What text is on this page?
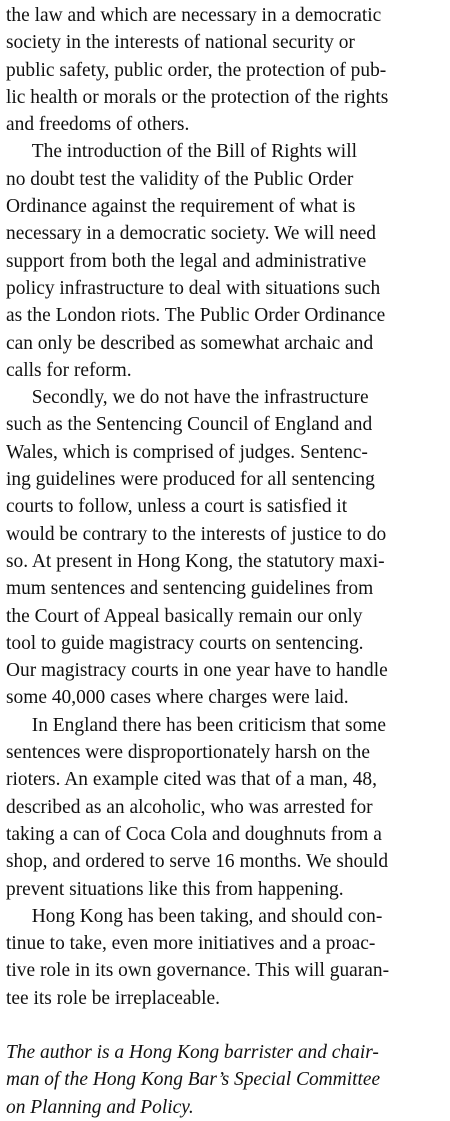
the law and which are necessary in a democratic
society in the interests of national security or
public safety, public order, the protection of pub-
lic health or morals or the protection of the rights
and freedoms of others.

The introduction of the Bill of Rights will
no doubt test the validity of the Public Order
Ordinance against the requirement of what is
necessary in a democratic society. We will need
support from both the legal and administrative
policy infrastructure to deal with situations such
as the London riots. The Public Order Ordinance
can only be described as somewhat archaic and
calls for reform.

Secondly, we do not have the infrastructure
such as the Sentencing Council of England and
Wales, which is comprised of judges. Sentenc-
ing guidelines were produced for all sentencing
courts to follow, unless a court is satisfied it
would be contrary to the interests of justice to do
so. At present in Hong Kong, the statutory maxi-
mum sentences and sentencing guidelines from
the Court of Appeal basically remain our only
tool to guide magistracy courts on sentencing.
Our magistracy courts in one year have to handle
some 40,000 cases where charges were laid.

In England there has been criticism that some
sentences were disproportionately harsh on the
rioters. An example cited was that of a man, 48,
described as an alcoholic, who was arrested for
taking a can of Coca Cola and doughnuts from a
shop, and ordered to serve 16 months. We should
prevent situations like this from happening.

Hong Kong has been taking, and should con-
tinue to take, even more initiatives and a proac-
tive role in its own governance. This will guaran-
tee its role be irreplaceable.

The author is a Hong Kong barrister and chair-
man of the Hong Kong Bar’s Special Committee
on Planning and Policy.
